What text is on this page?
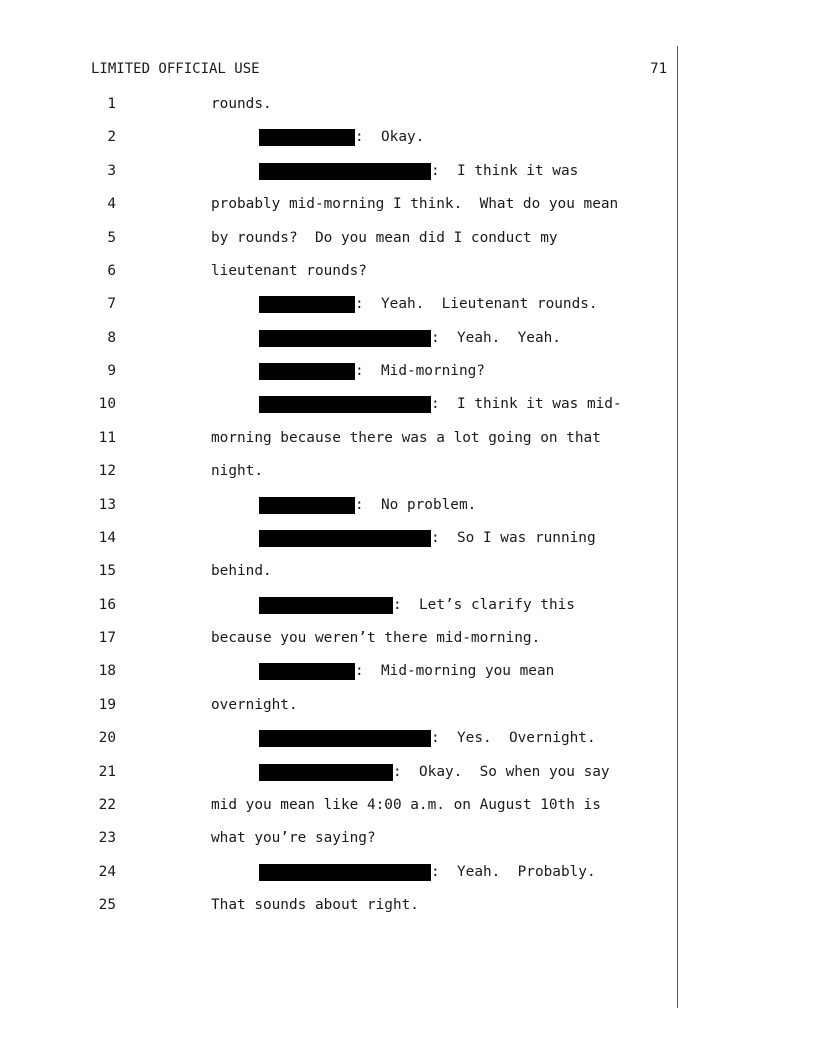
LIMITED OFFICIAL USE	71
1	rounds.
2	:  Okay.
3	:  I think it was
4	probably mid-morning I think.  What do you mean
5	by rounds?  Do you mean did I conduct my
6	lieutenant rounds?
7	:  Yeah.  Lieutenant rounds.
8	:  Yeah.  Yeah.
9	:  Mid-morning?
10	:  I think it was mid-
11	morning because there was a lot going on that
12	night.
13	:  No problem.
14	:  So I was running
15	behind.
16	:  Let’s clarify this
17	because you weren’t there mid-morning.
18	:  Mid-morning you mean
19	overnight.
20	:  Yes.  Overnight.
21	:  Okay.  So when you say
22	mid you mean like 4:00 a.m. on August 10th is
23	what you’re saying?
24	:  Yeah.  Probably.
25	That sounds about right.
